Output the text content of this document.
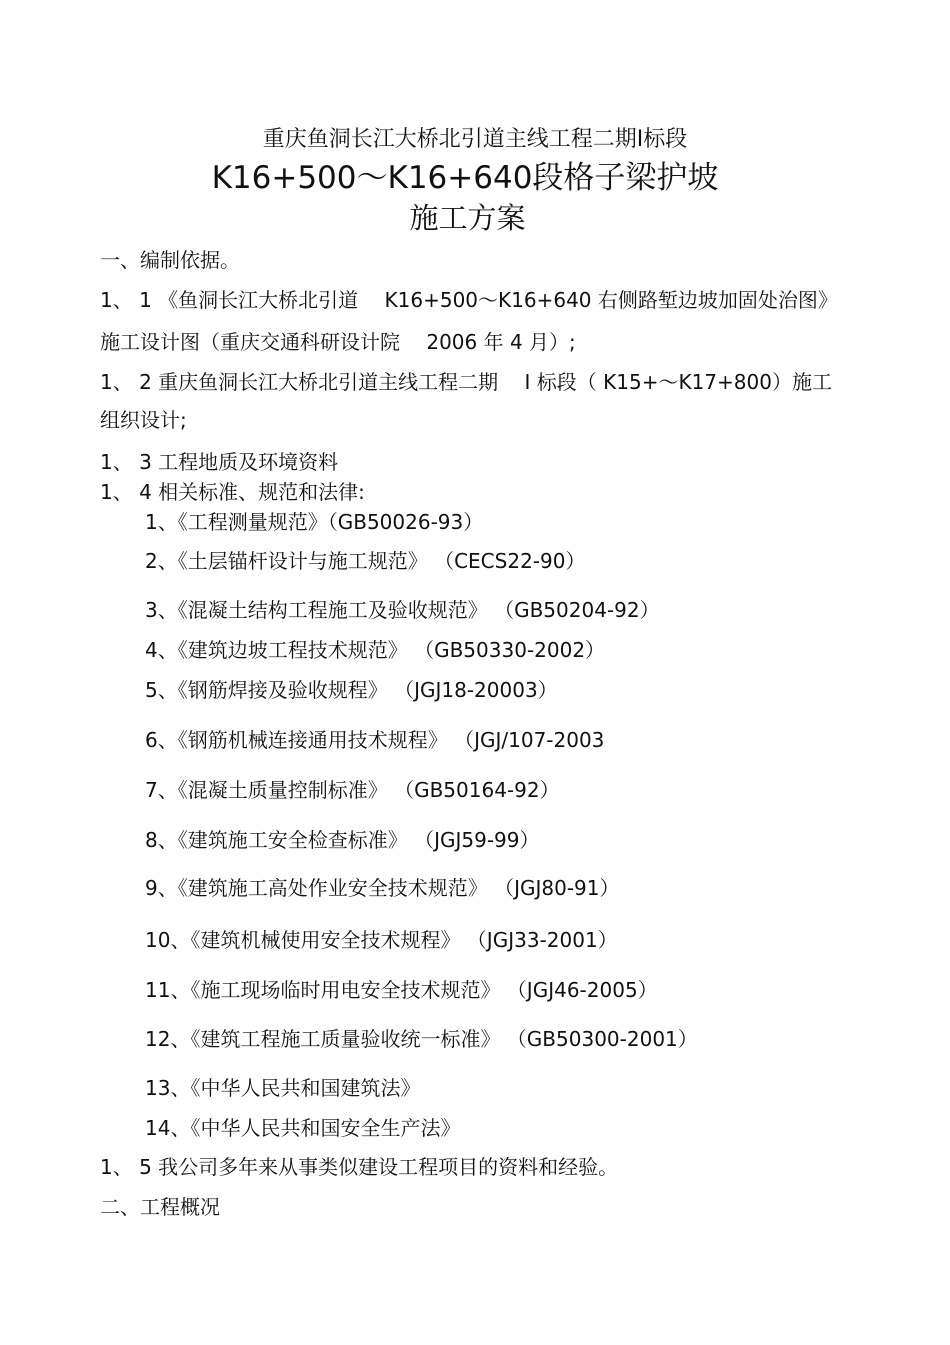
重庆鱼洞长江大桥北引道主线工程二期Ⅰ标段
K16+500～K16+640段格子梁护坡
施工方案
一、编制依据。
1、 1 《鱼洞长江大桥北引道　 K16+500～K16+640 右侧路堑边坡加固处治图》
施工设计图（重庆交通科研设计院　 2006 年 4 月）;
1、 2 重庆鱼洞长江大桥北引道主线工程二期　 Ⅰ 标段（ K15+～K17+800）施工
组织设计;
1、 3 工程地质及环境资料
1、 4 相关标准、规范和法律:
1、《工程测量规范》（GB50026-93）
2、《土层锚杆设计与施工规范》 （CECS22-90）
3、《混凝土结构工程施工及验收规范》 （GB50204-92）
4、《建筑边坡工程技术规范》 （GB50330-2002）
5、《钢筋焊接及验收规程》 （JGJ18-20003）
6、《钢筋机械连接通用技术规程》 （JGJ/107-2003
7、《混凝土质量控制标准》 （GB50164-92）
8、《建筑施工安全检查标准》 （JGJ59-99）
9、《建筑施工高处作业安全技术规范》 （JGJ80-91）
10、《建筑机械使用安全技术规程》 （JGJ33-2001）
11、《施工现场临时用电安全技术规范》 （JGJ46-2005）
12、《建筑工程施工质量验收统一标准》 （GB50300-2001）
13、《中华人民共和国建筑法》
14、《中华人民共和国安全生产法》
1、 5 我公司多年来从事类似建设工程项目的资料和经验。
二、工程概况
